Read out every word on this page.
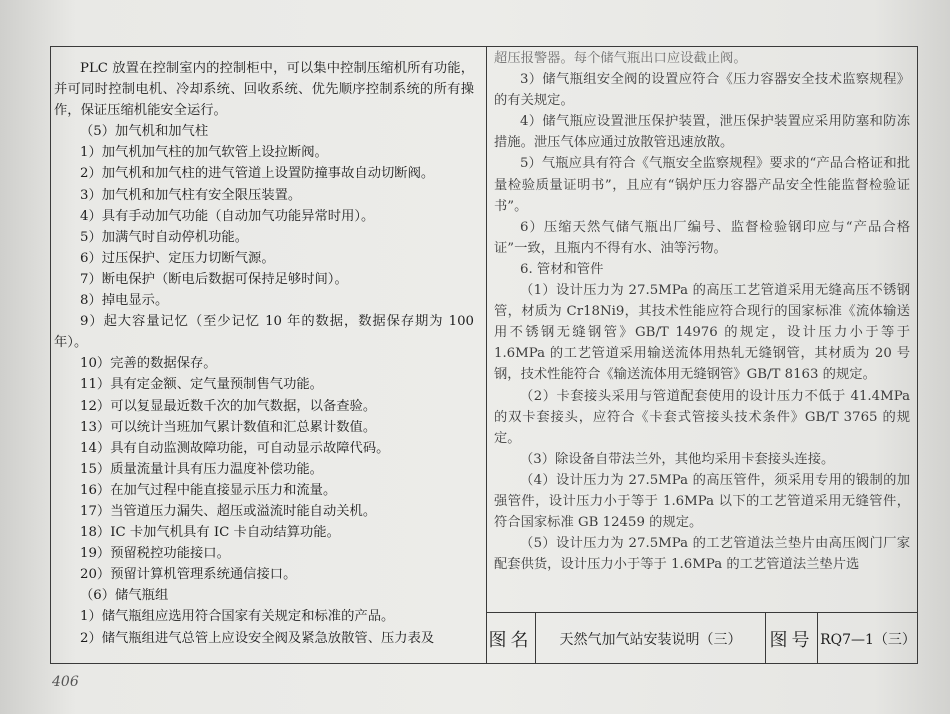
PLC 放置在控制室内的控制柜中，可以集中控制压缩机所有功能，并可同时控制电机、冷却系统、回收系统、优先顺序控制系统的所有操作，保证压缩机能安全运行。

（5）加气机和加气柱

1）加气机加气柱的加气软管上设拉断阀。

2）加气机和加气柱的进气管道上设置防撞事故自动切断阀。

3）加气机和加气柱有安全限压装置。

4）具有手动加气功能（自动加气功能异常时用）。

5）加满气时自动停机功能。

6）过压保护、定压力切断气源。

7）断电保护（断电后数据可保持足够时间）。

8）掉电显示。

9）起大容量记忆（至少记忆 10 年的数据，数据保存期为 100 年）。

10）完善的数据保存。

11）具有定金额、定气量预制售气功能。

12）可以复显最近数千次的加气数据，以备查验。

13）可以统计当班加气累计数值和汇总累计数值。

14）具有自动监测故障功能，可自动显示故障代码。

15）质量流量计具有压力温度补偿功能。

16）在加气过程中能直接显示压力和流量。

17）当管道压力漏失、超压或溢流时能自动关机。

18）IC 卡加气机具有 IC 卡自动结算功能。

19）预留税控功能接口。

20）预留计算机管理系统通信接口。

（6）储气瓶组

1）储气瓶组应选用符合国家有关规定和标准的产品。

2）储气瓶组进气总管上应设安全阀及紧急放散管、压力表及

超压报警器。每个储气瓶出口应设截止阀。

3）储气瓶组安全阀的设置应符合《压力容器安全技术监察规程》的有关规定。

4）储气瓶应设置泄压保护装置，泄压保护装置应采用防塞和防冻措施。泄压气体应通过放散管迅速放散。

5）气瓶应具有符合《气瓶安全监察规程》要求的“产品合格证和批量检验质量证明书”，且应有“锅炉压力容器产品安全性能监督检验证书”。

6）压缩天然气储气瓶出厂编号、监督检验钢印应与“产品合格证”一致，且瓶内不得有水、油等污物。

6. 管材和管件

（1）设计压力为 27.5MPa 的高压工艺管道采用无缝高压不锈钢管，材质为 Cr18Ni9，其技术性能应符合现行的国家标准《流体输送用不锈钢无缝钢管》GB/T 14976 的规定，设计压力小于等于 1.6MPa 的工艺管道采用输送流体用热轧无缝钢管，其材质为 20 号钢，技术性能符合《输送流体用无缝钢管》GB/T 8163 的规定。

（2）卡套接头采用与管道配套使用的设计压力不低于 41.4MPa 的双卡套接头，应符合《卡套式管接头技术条件》GB/T 3765 的规定。

（3）除设备自带法兰外，其他均采用卡套接头连接。

（4）设计压力为 27.5MPa 的高压管件，须采用专用的锻制的加强管件，设计压力小于等于 1.6MPa 以下的工艺管道采用无缝管件，符合国家标准 GB 12459 的规定。

（5）设计压力为 27.5MPa 的工艺管道法兰垫片由高压阀门厂家配套供货，设计压力小于等于 1.6MPa 的工艺管道法兰垫片选

图名	天然气加气站安装说明（三）	图号 RQ7—1（三）
406
